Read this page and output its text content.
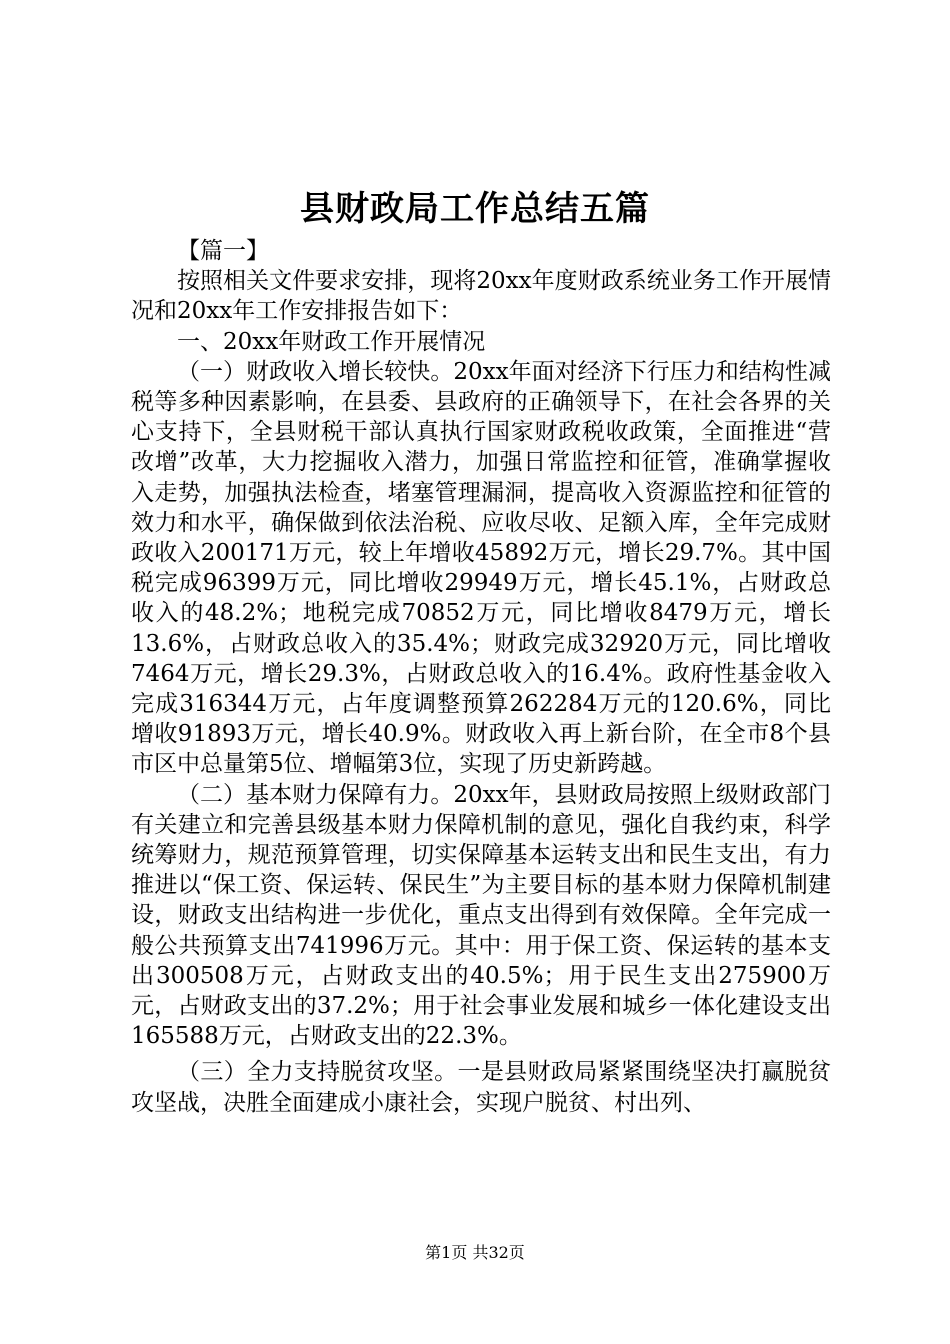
县财政局工作总结五篇

【篇一】

按照相关文件要求安排，现将20xx年度财政系统业务工作开展情况和20xx年工作安排报告如下：

一、20xx年财政工作开展情况

（一）财政收入增长较快。20xx年面对经济下行压力和结构性减税等多种因素影响，在县委、县政府的正确领导下，在社会各界的关心支持下，全县财税干部认真执行国家财政税收政策，全面推进“营改增”改革，大力挖掘收入潜力，加强日常监控和征管，准确掌握收入走势，加强执法检查，堵塞管理漏洞，提高收入资源监控和征管的效力和水平，确保做到依法治税、应收尽收、足额入库，全年完成财政收入200171万元，较上年增收45892万元，增长29.7%。其中国税完成96399万元，同比增收29949万元，增长45.1%，占财政总收入的48.2%；地税完成70852万元，同比增收8479万元，增长13.6%，占财政总收入的35.4%；财政完成32920万元，同比增收7464万元，增长29.3%，占财政总收入的16.4%。政府性基金收入完成316344万元，占年度调整预算262284万元的120.6%，同比增收91893万元，增长40.9%。财政收入再上新台阶，在全市8个县市区中总量第5位、增幅第3位，实现了历史新跨越。

（二）基本财力保障有力。20xx年，县财政局按照上级财政部门有关建立和完善县级基本财力保障机制的意见，强化自我约束，科学统筹财力，规范预算管理，切实保障基本运转支出和民生支出，有力推进以“保工资、保运转、保民生”为主要目标的基本财力保障机制建设，财政支出结构进一步优化，重点支出得到有效保障。全年完成一般公共预算支出741996万元。其中：用于保工资、保运转的基本支出300508万元，占财政支出的40.5%；用于民生支出275900万元，占财政支出的37.2%；用于社会事业发展和城乡一体化建设支出165588万元，占财政支出的22.3%。

（三）全力支持脱贫攻坚。一是县财政局紧紧围绕坚决打赢脱贫攻坚战，决胜全面建成小康社会，实现户脱贫、村出列、

第1页 共32页
